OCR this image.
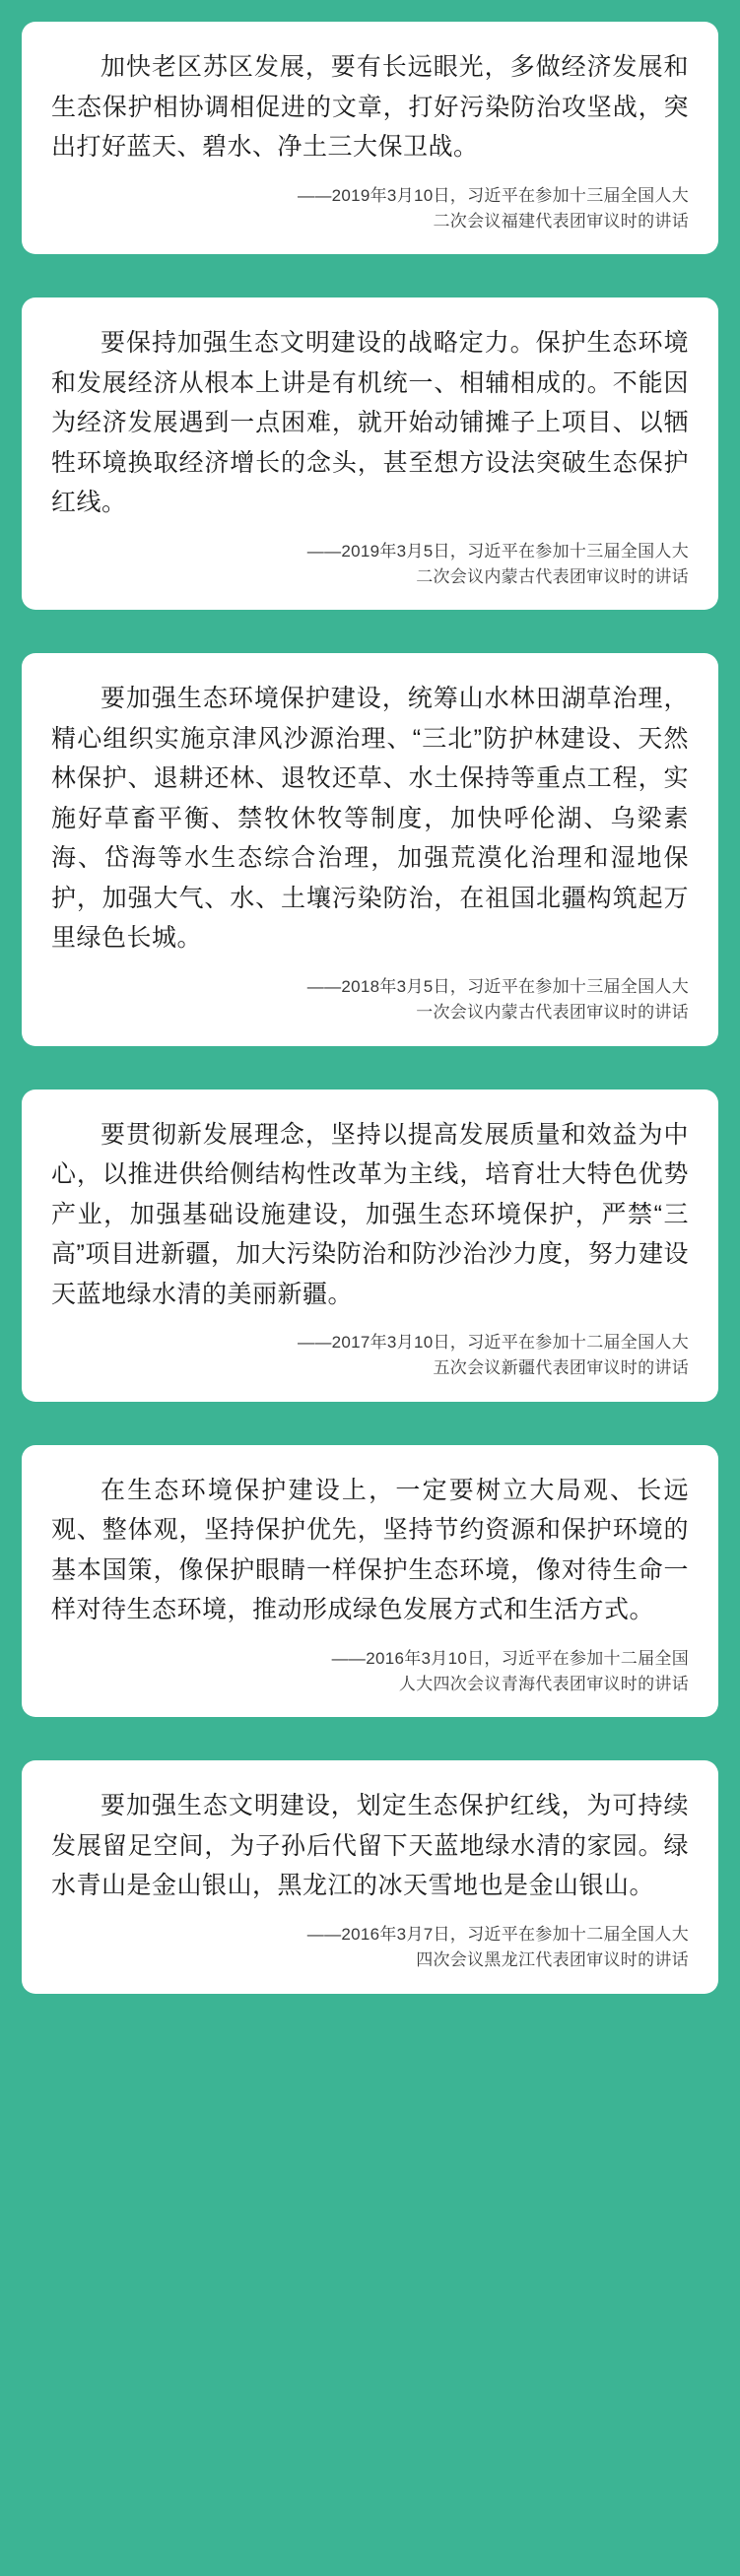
加快老区苏区发展，要有长远眼光，多做经济发展和生态保护相协调相促进的文章，打好污染防治攻坚战，突出打好蓝天、碧水、净土三大保卫战。

——2019年3月10日，习近平在参加十三届全国人大
二次会议福建代表团审议时的讲话

要保持加强生态文明建设的战略定力。保护生态环境和发展经济从根本上讲是有机统一、相辅相成的。不能因为经济发展遇到一点困难，就开始动铺摊子上项目、以牺牲环境换取经济增长的念头，甚至想方设法突破生态保护红线。

——2019年3月5日，习近平在参加十三届全国人大
二次会议内蒙古代表团审议时的讲话

要加强生态环境保护建设，统筹山水林田湖草治理，精心组织实施京津风沙源治理、“三北”防护林建设、天然林保护、退耕还林、退牧还草、水土保持等重点工程，实施好草畜平衡、禁牧休牧等制度，加快呼伦湖、乌梁素海、岱海等水生态综合治理，加强荒漠化治理和湿地保护，加强大气、水、土壤污染防治，在祖国北疆构筑起万里绿色长城。

——2018年3月5日，习近平在参加十三届全国人大
一次会议内蒙古代表团审议时的讲话

要贯彻新发展理念，坚持以提高发展质量和效益为中心，以推进供给侧结构性改革为主线，培育壮大特色优势产业，加强基础设施建设，加强生态环境保护，严禁“三高”项目进新疆，加大污染防治和防沙治沙力度，努力建设天蓝地绿水清的美丽新疆。

——2017年3月10日，习近平在参加十二届全国人大
五次会议新疆代表团审议时的讲话

在生态环境保护建设上，一定要树立大局观、长远观、整体观，坚持保护优先，坚持节约资源和保护环境的基本国策，像保护眼睛一样保护生态环境，像对待生命一样对待生态环境，推动形成绿色发展方式和生活方式。

——2016年3月10日，习近平在参加十二届全国
人大四次会议青海代表团审议时的讲话

要加强生态文明建设，划定生态保护红线，为可持续发展留足空间，为子孙后代留下天蓝地绿水清的家园。绿水青山是金山银山，黑龙江的冰天雪地也是金山银山。

——2016年3月7日，习近平在参加十二届全国人大
四次会议黑龙江代表团审议时的讲话
